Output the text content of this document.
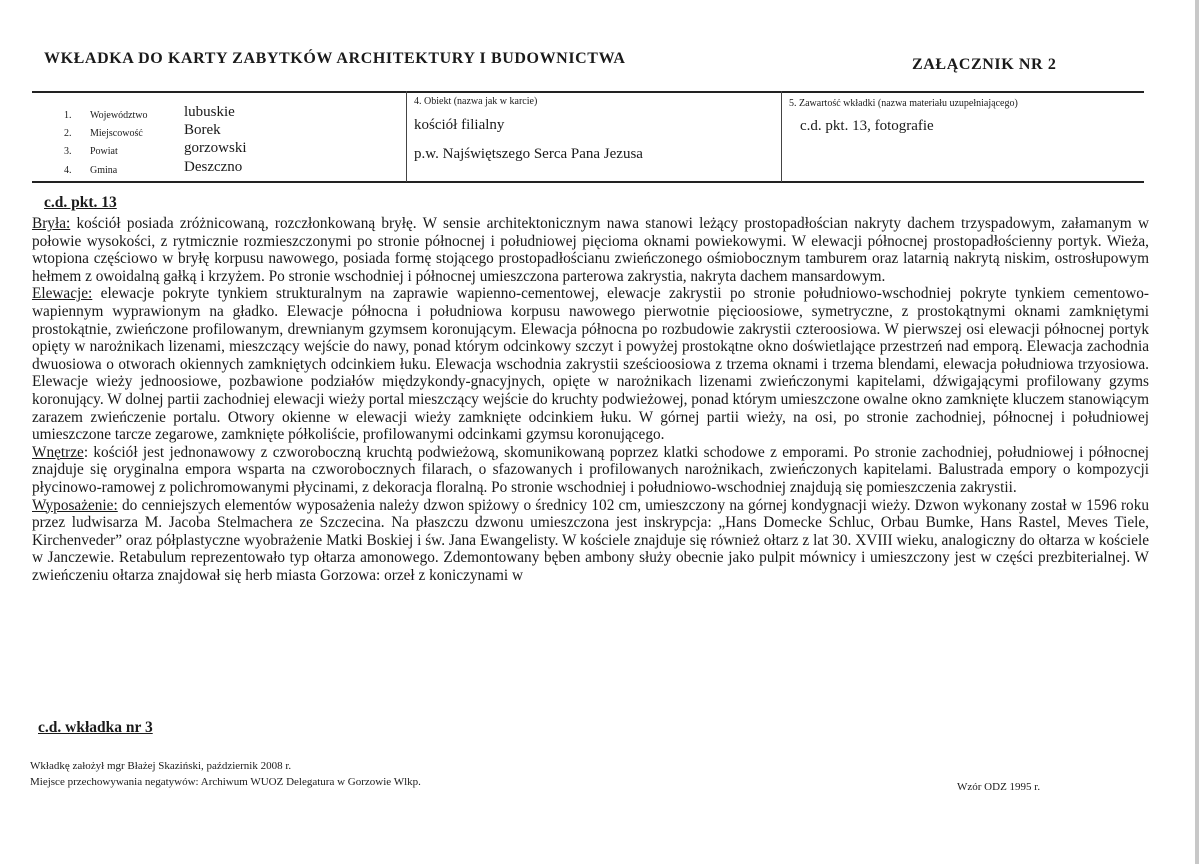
WKŁADKA DO KARTY ZABYTKÓW ARCHITEKTURY I BUDOWNICTWA	ZAŁĄCZNIK NR 2
1. Województwo lubuskie
2. Miejscowość	Borek
3. Powiat	gorzowski
4. Gmina	Deszczno
4. Obiekt (nazwa jak w karcie)
kościół filialny
p.w. Najświętszego Serca Pana Jezusa
5. Zawartość wkładki (nazwa materiału uzupełniającego)
c.d. pkt. 13, fotografie
c.d. pkt. 13

Bryła: kościół posiada zróżnicowaną, rozczłonkowaną bryłę. W sensie architektonicznym nawa stanowi leżący prostopadłościan nakryty dachem trzyspadowym, załamanym w połowie wysokości, z rytmicznie rozmieszczonymi po stronie północnej i południowej pięcioma oknami powiekowymi. W elewacji północnej prostopadłościenny portyk. Wieża, wtopiona częściowo w bryłę korpusu nawowego, posiada formę stojącego prostopadłościanu zwieńczonego ośmiobocznym tamburem oraz latarnią nakrytą niskim, ostrosłupowym hełmem z owoidalną gałką i krzyżem. Po stronie wschodniej i północnej umieszczona parterowa zakrystia, nakryta dachem mansardowym.

Elewacje: elewacje pokryte tynkiem strukturalnym na zaprawie wapienno-cementowej, elewacje zakrystii po stronie południowo-wschodniej pokryte tynkiem cementowo-wapiennym wyprawionym na gładko. Elewacje północna i południowa korpusu nawowego pierwotnie pięcioosiowe, symetryczne, z prostokątnymi oknami zamkniętymi prostokątnie, zwieńczone profilowanym, drewnianym gzymsem koronującym. Elewacja północna po rozbudowie zakrystii czteroosiowa. W pierwszej osi elewacji północnej portyk opięty w narożnikach lizenami, mieszczący wejście do nawy, ponad którym odcinkowy szczyt i powyżej prostokątne okno doświetlające przestrzeń nad emporą. Elewacja zachodnia dwuosiowa o otworach okiennych zamkniętych odcinkiem łuku. Elewacja wschodnia zakrystii sześcioosiowa z trzema oknami i trzema blendami, elewacja południowa trzyosiowa. Elewacje wieży jednoosiowe, pozbawione podziałów międzykondy-gnacyjnych, opięte w narożnikach lizenami zwieńczonymi kapitelami, dźwigającymi profilowany gzyms koronujący. W dolnej partii zachodniej elewacji wieży portal mieszczący wejście do kruchty podwieżowej, ponad którym umieszczone owalne okno zamknięte kluczem stanowiącym zarazem zwieńczenie portalu. Otwory okienne w elewacji wieży zamknięte odcinkiem łuku. W górnej partii wieży, na osi, po stronie zachodniej, północnej i południowej umieszczone tarcze zegarowe, zamknięte półkoliście, profilowanymi odcinkami gzymsu koronującego.

Wnętrze: kościół jest jednonawowy z czworoboczną kruchtą podwieżową, skomunikowaną poprzez klatki schodowe z emporami. Po stronie zachodniej, południowej i północnej znajduje się oryginalna empora wsparta na czworobocznych filarach, o sfazowanych i profilowanych narożnikach, zwieńczonych kapitelami. Balustrada empory o kompozycji płycinowo-ramowej z polichromowanymi płycinami, z dekoracja floralną. Po stronie wschodniej i południowo-wschodniej znajdują się pomieszczenia zakrystii.

Wyposażenie: do cenniejszych elementów wyposażenia należy dzwon spiżowy o średnicy 102 cm, umieszczony na górnej kondygnacji wieży. Dzwon wykonany został w 1596 roku przez ludwisarza M. Jacoba Stelmachera ze Szczecina. Na płaszczu dzwonu umieszczona jest inskrypcja: „Hans Domecke Schluc, Orbau Bumke, Hans Rastel, Meves Tiele, Kirchenveder” oraz półplastyczne wyobrażenie Matki Boskiej i św. Jana Ewangelisty. W kościele znajduje się również ołtarz z lat 30. XVIII wieku, analogiczny do ołtarza w kościele w Janczewie. Retabulum reprezentowało typ ołtarza amonowego. Zdemontowany bęben ambony służy obecnie jako pulpit mównicy i umieszczony jest w części prezbiterialnej. W zwieńczeniu ołtarza znajdował się herb miasta Gorzowa: orzeł z koniczynami w

c.d. wkładka nr 3
Wkładkę założył mgr Błażej Skaziński, październik 2008 r.
Miejsce przechowywania negatywów: Archiwum WUOZ Delegatura w Gorzowie Wlkp.	Wzór ODZ 1995 r.
